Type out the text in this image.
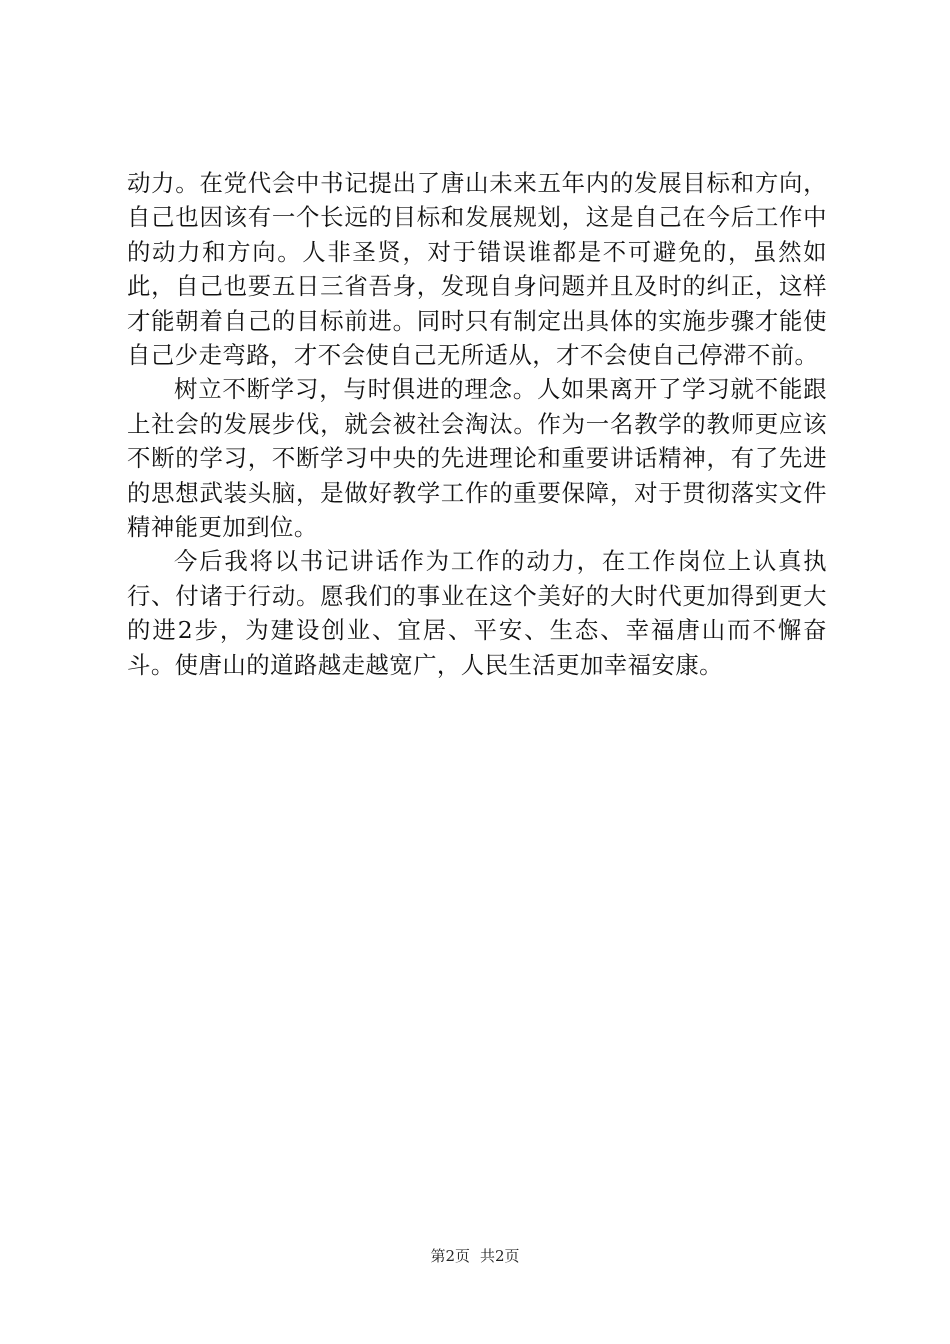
动力。在党代会中书记提出了唐山未来五年内的发展目标和方向，自己也因该有一个长远的目标和发展规划，这是自己在今后工作中的动力和方向。人非圣贤，对于错误谁都是不可避免的，虽然如此，自己也要五日三省吾身，发现自身问题并且及时的纠正，这样才能朝着自己的目标前进。同时只有制定出具体的实施步骤才能使自己少走弯路，才不会使自己无所适从，才不会使自己停滞不前。

树立不断学习，与时俱进的理念。人如果离开了学习就不能跟上社会的发展步伐，就会被社会淘汰。作为一名教学的教师更应该不断的学习，不断学习中央的先进理论和重要讲话精神，有了先进的思想武装头脑，是做好教学工作的重要保障，对于贯彻落实文件精神能更加到位。

今后我将以书记讲话作为工作的动力，在工作岗位上认真执行、付诸于行动。愿我们的事业在这个美好的大时代更加得到更大的进2步，为建设创业、宜居、平安、生态、幸福唐山而不懈奋斗。使唐山的道路越走越宽广，人民生活更加幸福安康。

第2页 共2页
